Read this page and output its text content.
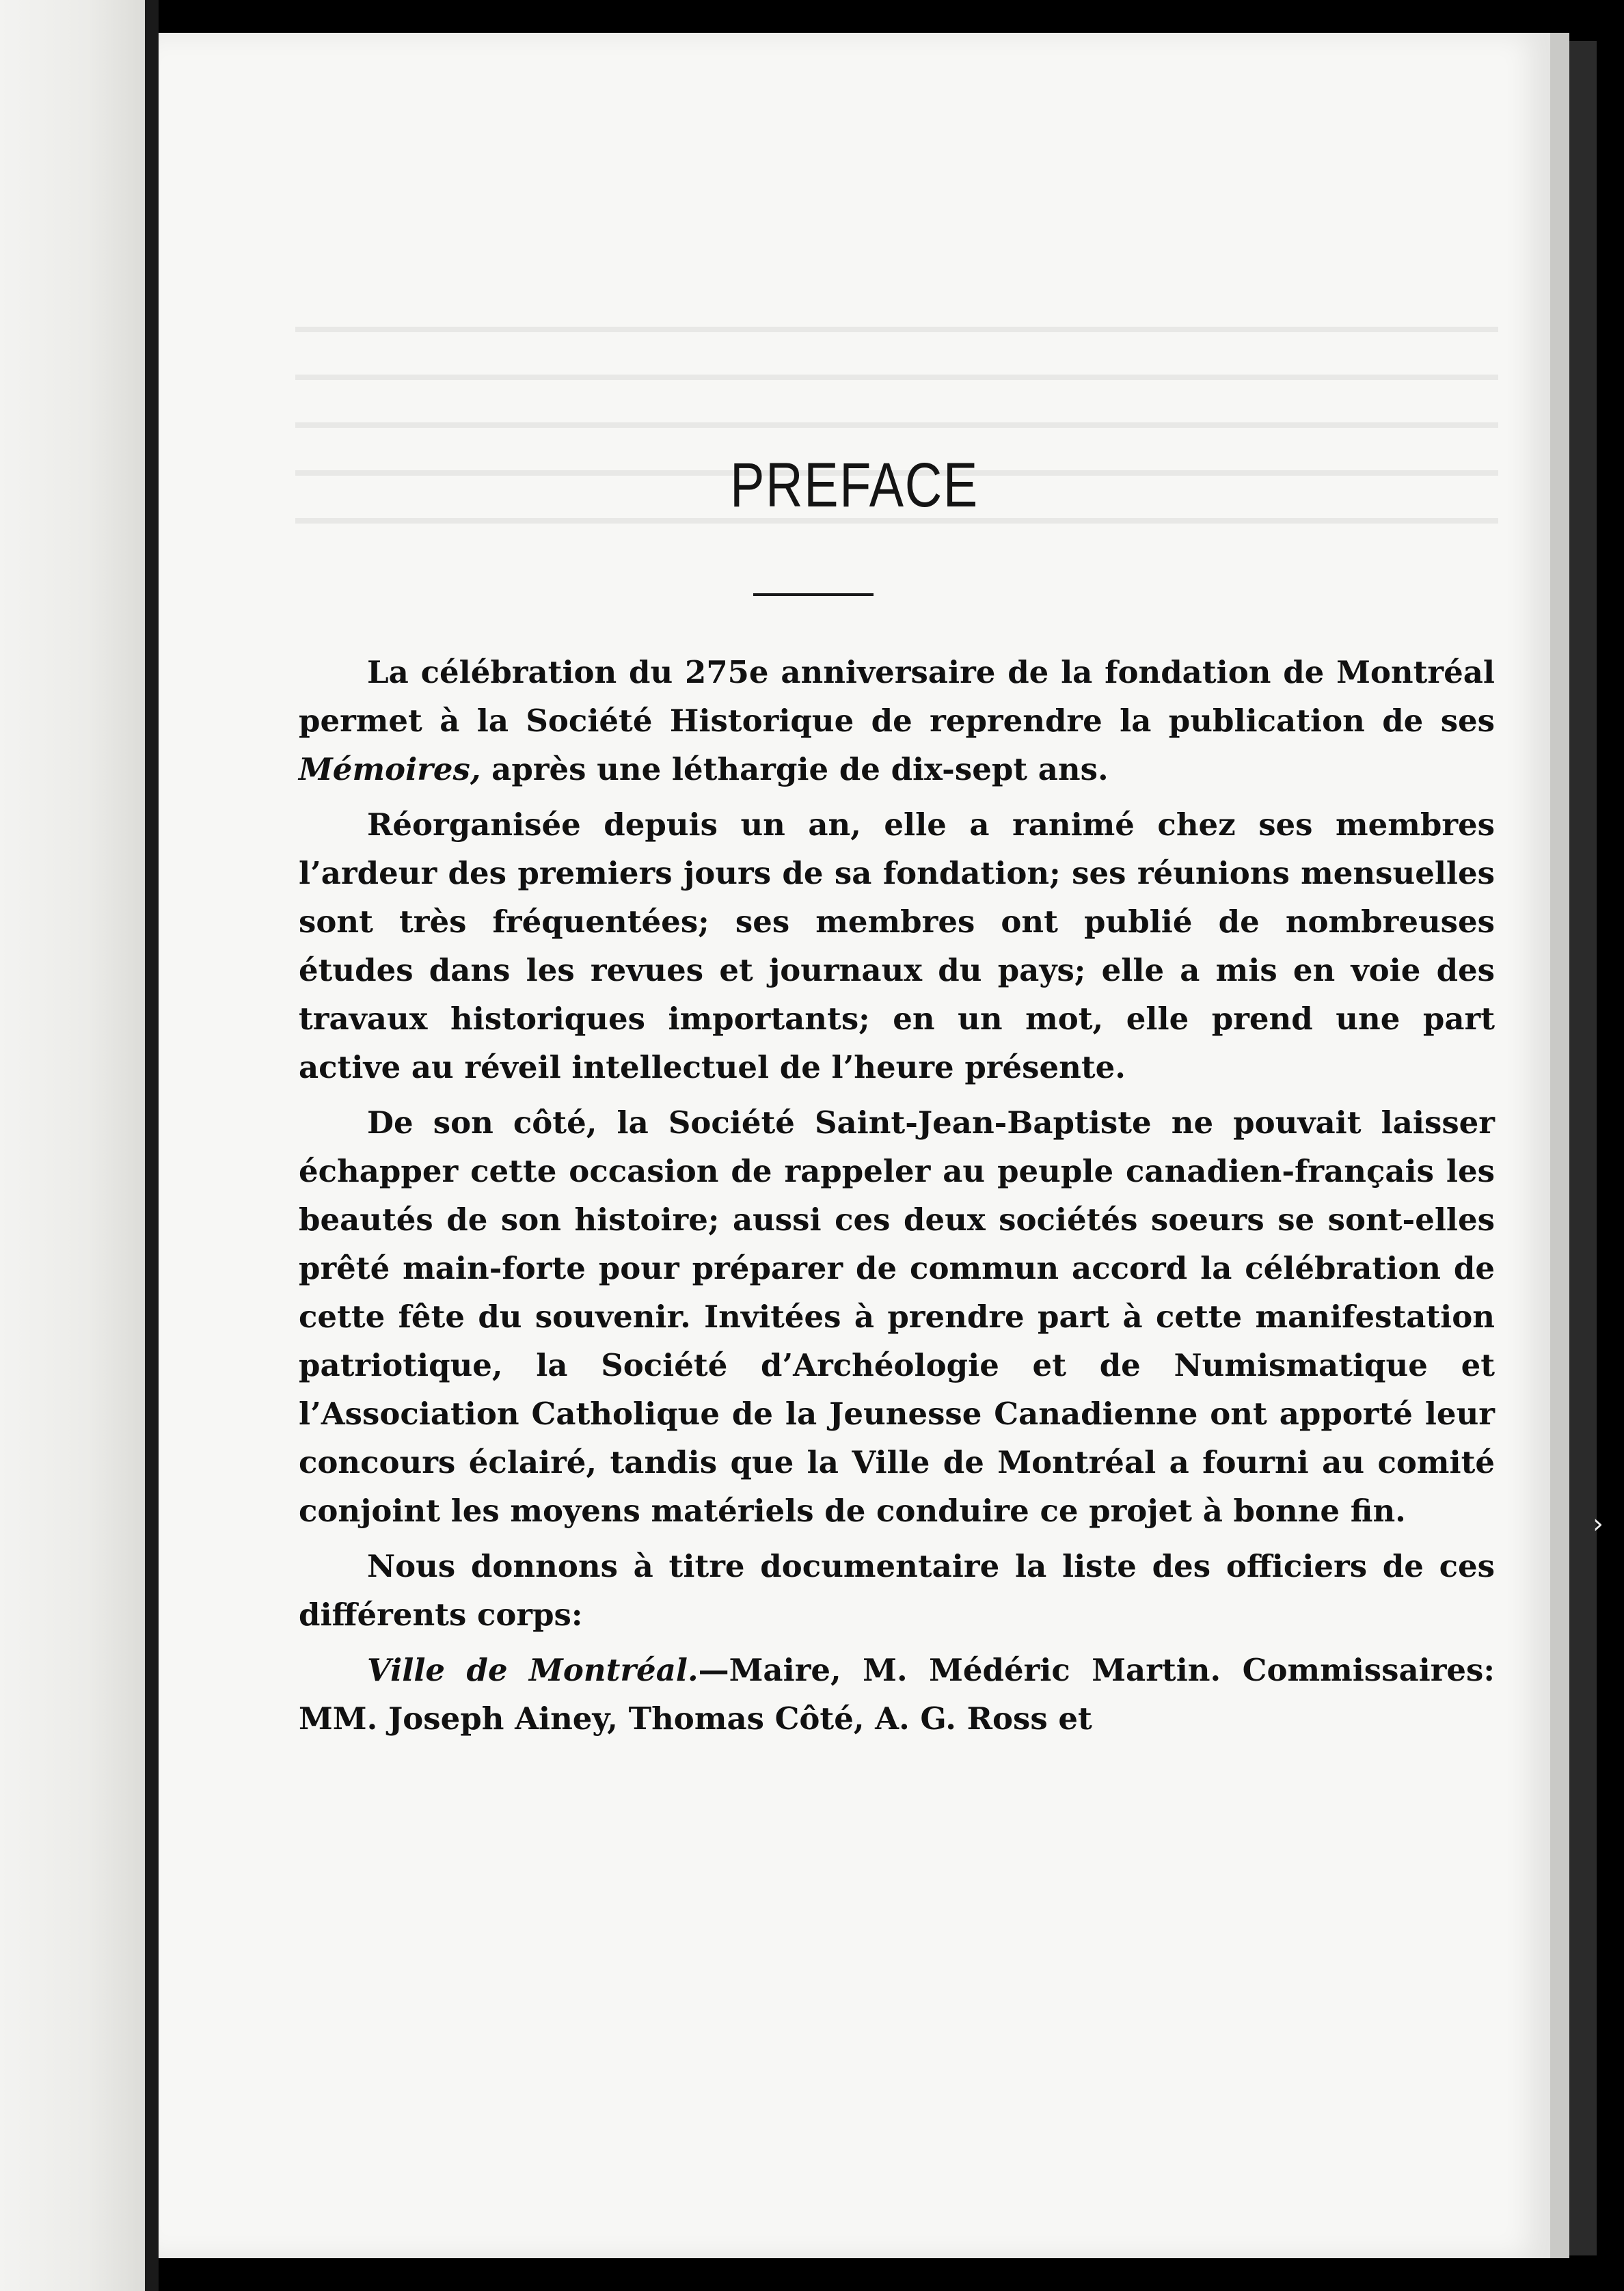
›
PREFACE

La célébration du 275e anniversaire de la fondation de Montréal permet à la Société Historique de reprendre la publication de ses Mémoires, après une léthargie de dix-sept ans.

Réorganisée depuis un an, elle a ranimé chez ses membres l’ardeur des premiers jours de sa fondation; ses réunions mensuelles sont très fréquentées; ses membres ont publié de nombreuses études dans les revues et journaux du pays; elle a mis en voie des travaux historiques importants; en un mot, elle prend une part active au réveil intellectuel de l’heure présente.

De son côté, la Société Saint-Jean-Baptiste ne pouvait laisser échapper cette occasion de rappeler au peuple canadien-français les beautés de son histoire; aussi ces deux sociétés soeurs se sont-elles prêté main-forte pour préparer de commun accord la célébration de cette fête du souvenir. Invitées à prendre part à cette manifestation patriotique, la Société d’Archéologie et de Numismatique et l’Association Catholique de la Jeunesse Canadienne ont apporté leur concours éclairé, tandis que la Ville de Montréal a fourni au comité conjoint les moyens matériels de conduire ce projet à bonne fin.

Nous donnons à titre documentaire la liste des officiers de ces différents corps:

Ville de Montréal.—Maire, M. Médéric Martin. Commissaires: MM. Joseph Ainey, Thomas Côté, A. G. Ross et
